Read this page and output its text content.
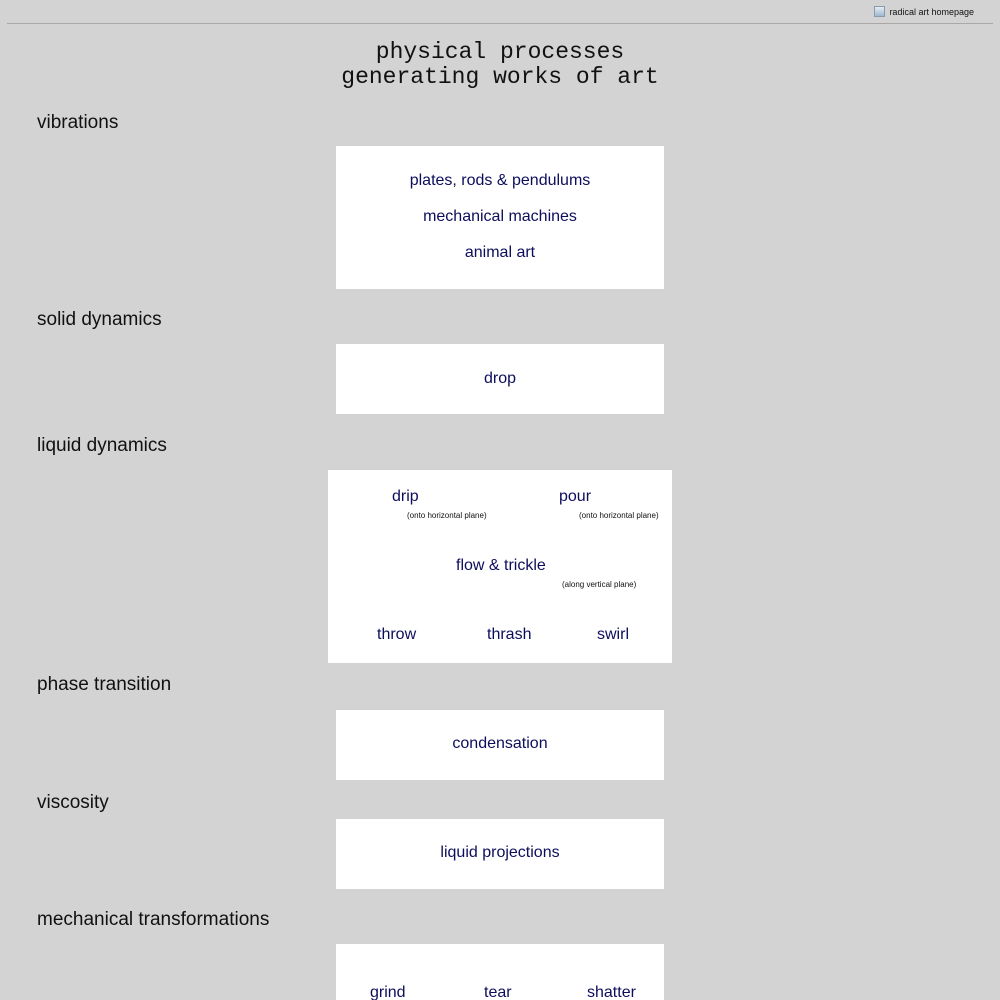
radical art homepage
physical processes
generating works of art
vibrations
plates, rods & pendulums
mechanical machines
animal art
solid dynamics
drop
liquid dynamics
drip
(onto horizontal plane)
pour
(onto horizontal plane)
flow & trickle
(along vertical plane)
throw	thrash	swirl
phase transition
condensation
viscosity
liquid projections
mechanical transformations
grind	tear	shatter
